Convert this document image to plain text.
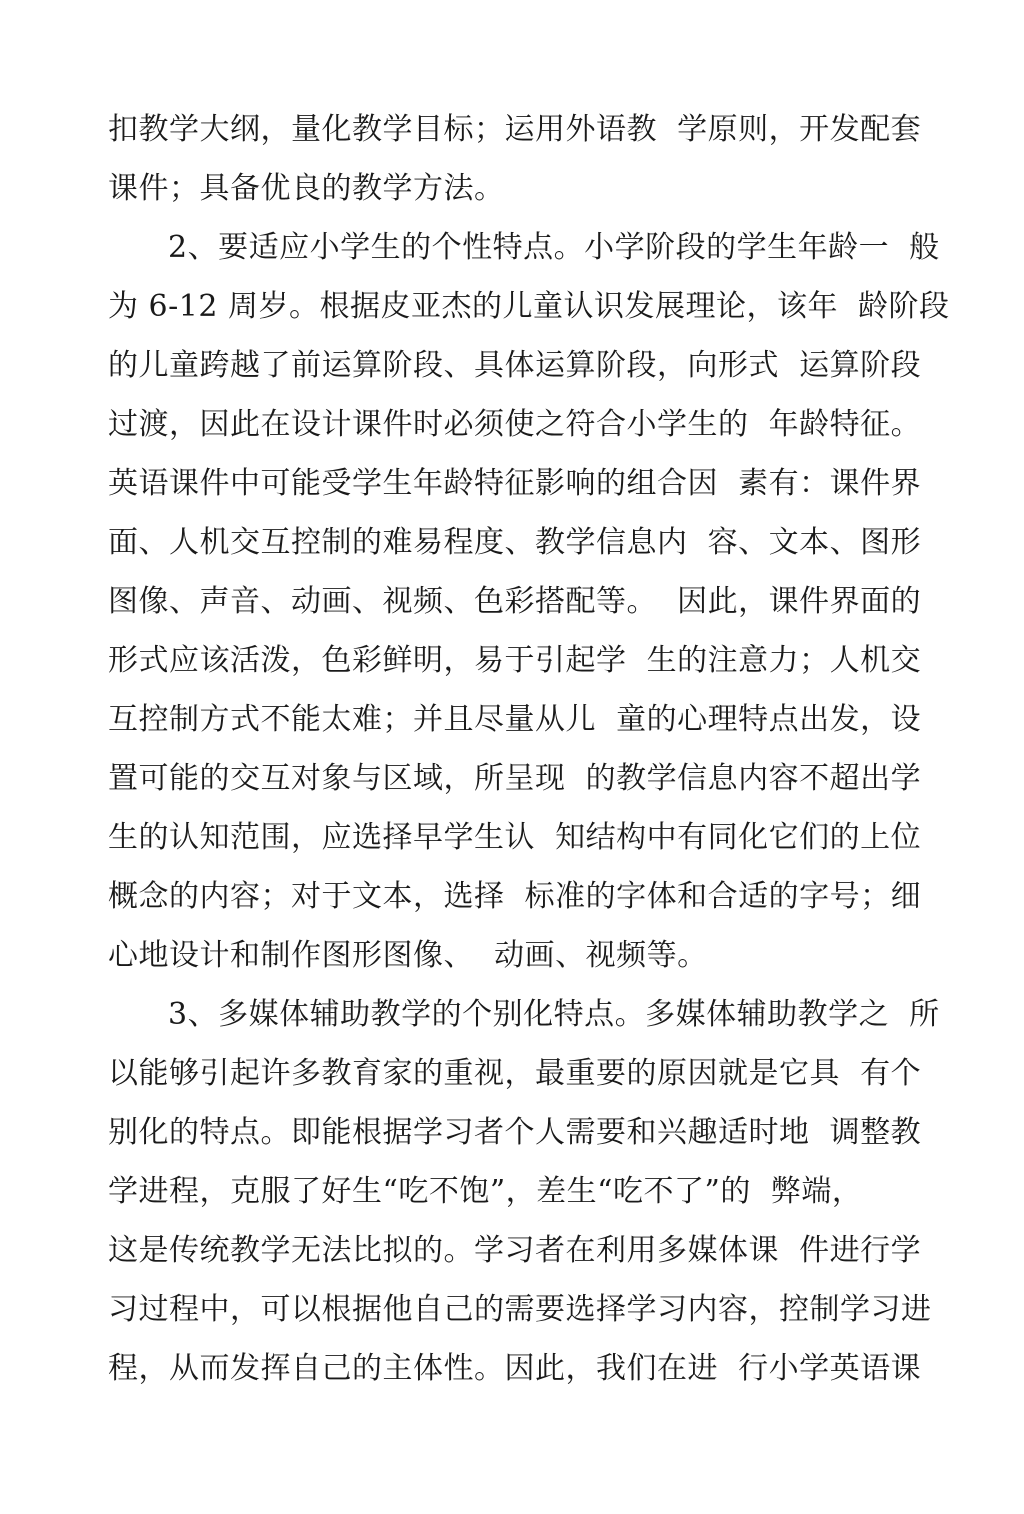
扣教学大纲，量化教学目标；运用外语教  学原则，开发配套
课件；具备优良的教学方法。
2、要适应小学生的个性特点。小学阶段的学生年龄一  般
为 6-12 周岁。根据皮亚杰的儿童认识发展理论，该年  龄阶段
的儿童跨越了前运算阶段、具体运算阶段，向形式  运算阶段
过渡，因此在设计课件时必须使之符合小学生的  年龄特征。
英语课件中可能受学生年龄特征影响的组合因  素有：课件界
面、人机交互控制的难易程度、教学信息内  容、文本、图形
图像、声音、动画、视频、色彩搭配等。  因此，课件界面的
形式应该活泼，色彩鲜明，易于引起学  生的注意力；人机交
互控制方式不能太难；并且尽量从儿  童的心理特点出发，设
置可能的交互对象与区域，所呈现  的教学信息内容不超出学
生的认知范围，应选择早学生认  知结构中有同化它们的上位
概念的内容；对于文本，选择  标准的字体和合适的字号；细
心地设计和制作图形图像、  动画、视频等。
3、多媒体辅助教学的个别化特点。多媒体辅助教学之  所
以能够引起许多教育家的重视，最重要的原因就是它具  有个
别化的特点。即能根据学习者个人需要和兴趣适时地  调整教
学进程，克服了好生“吃不饱”，差生“吃不了”的  弊端，
这是传统教学无法比拟的。学习者在利用多媒体课  件进行学
习过程中，可以根据他自己的需要选择学习内容，控制学习进
程，从而发挥自己的主体性。因此，我们在进  行小学英语课
